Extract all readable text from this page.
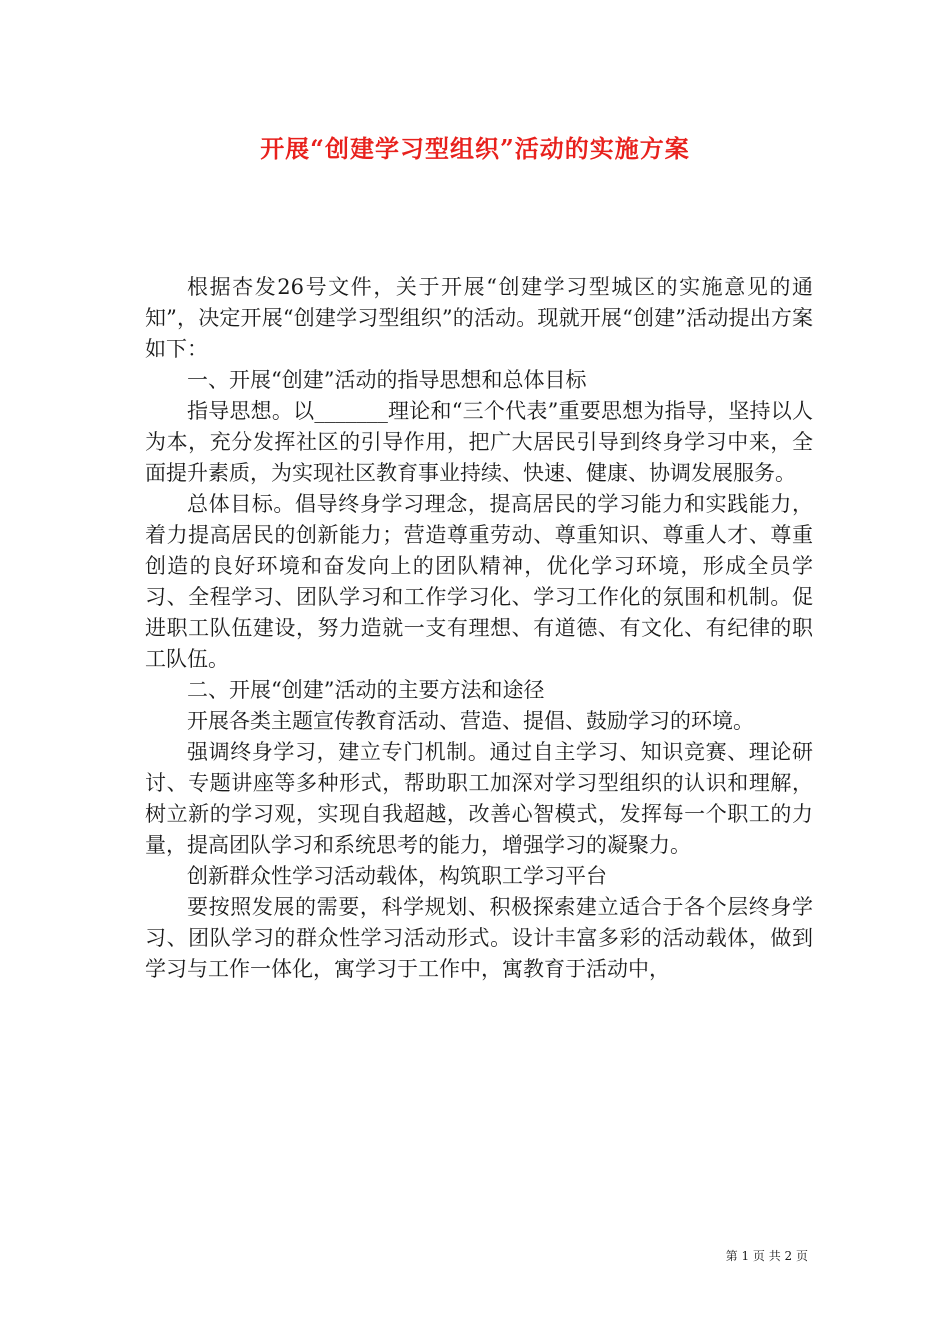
开展“创建学习型组织”活动的实施方案

根据杏发26号文件，关于开展“创建学习型城区的实施意见的通知”，决定开展“创建学习型组织”的活动。现就开展“创建”活动提出方案如下：

一、开展“创建”活动的指导思想和总体目标

指导思想。以_______理论和“三个代表”重要思想为指导，坚持以人为本，充分发挥社区的引导作用，把广大居民引导到终身学习中来，全面提升素质，为实现社区教育事业持续、快速、健康、协调发展服务。

总体目标。倡导终身学习理念，提高居民的学习能力和实践能力，着力提高居民的创新能力；营造尊重劳动、尊重知识、尊重人才、尊重创造的良好环境和奋发向上的团队精神，优化学习环境，形成全员学习、全程学习、团队学习和工作学习化、学习工作化的氛围和机制。促进职工队伍建设，努力造就一支有理想、有道德、有文化、有纪律的职工队伍。

二、开展“创建”活动的主要方法和途径

开展各类主题宣传教育活动、营造、提倡、鼓励学习的环境。

强调终身学习，建立专门机制。通过自主学习、知识竞赛、理论研讨、专题讲座等多种形式，帮助职工加深对学习型组织的认识和理解，树立新的学习观，实现自我超越，改善心智模式，发挥每一个职工的力量，提高团队学习和系统思考的能力，增强学习的凝聚力。

创新群众性学习活动载体，构筑职工学习平台

要按照发展的需要，科学规划、积极探索建立适合于各个层终身学习、团队学习的群众性学习活动形式。设计丰富多彩的活动载体，做到学习与工作一体化，寓学习于工作中，寓教育于活动中，

第 1 页 共 2 页
